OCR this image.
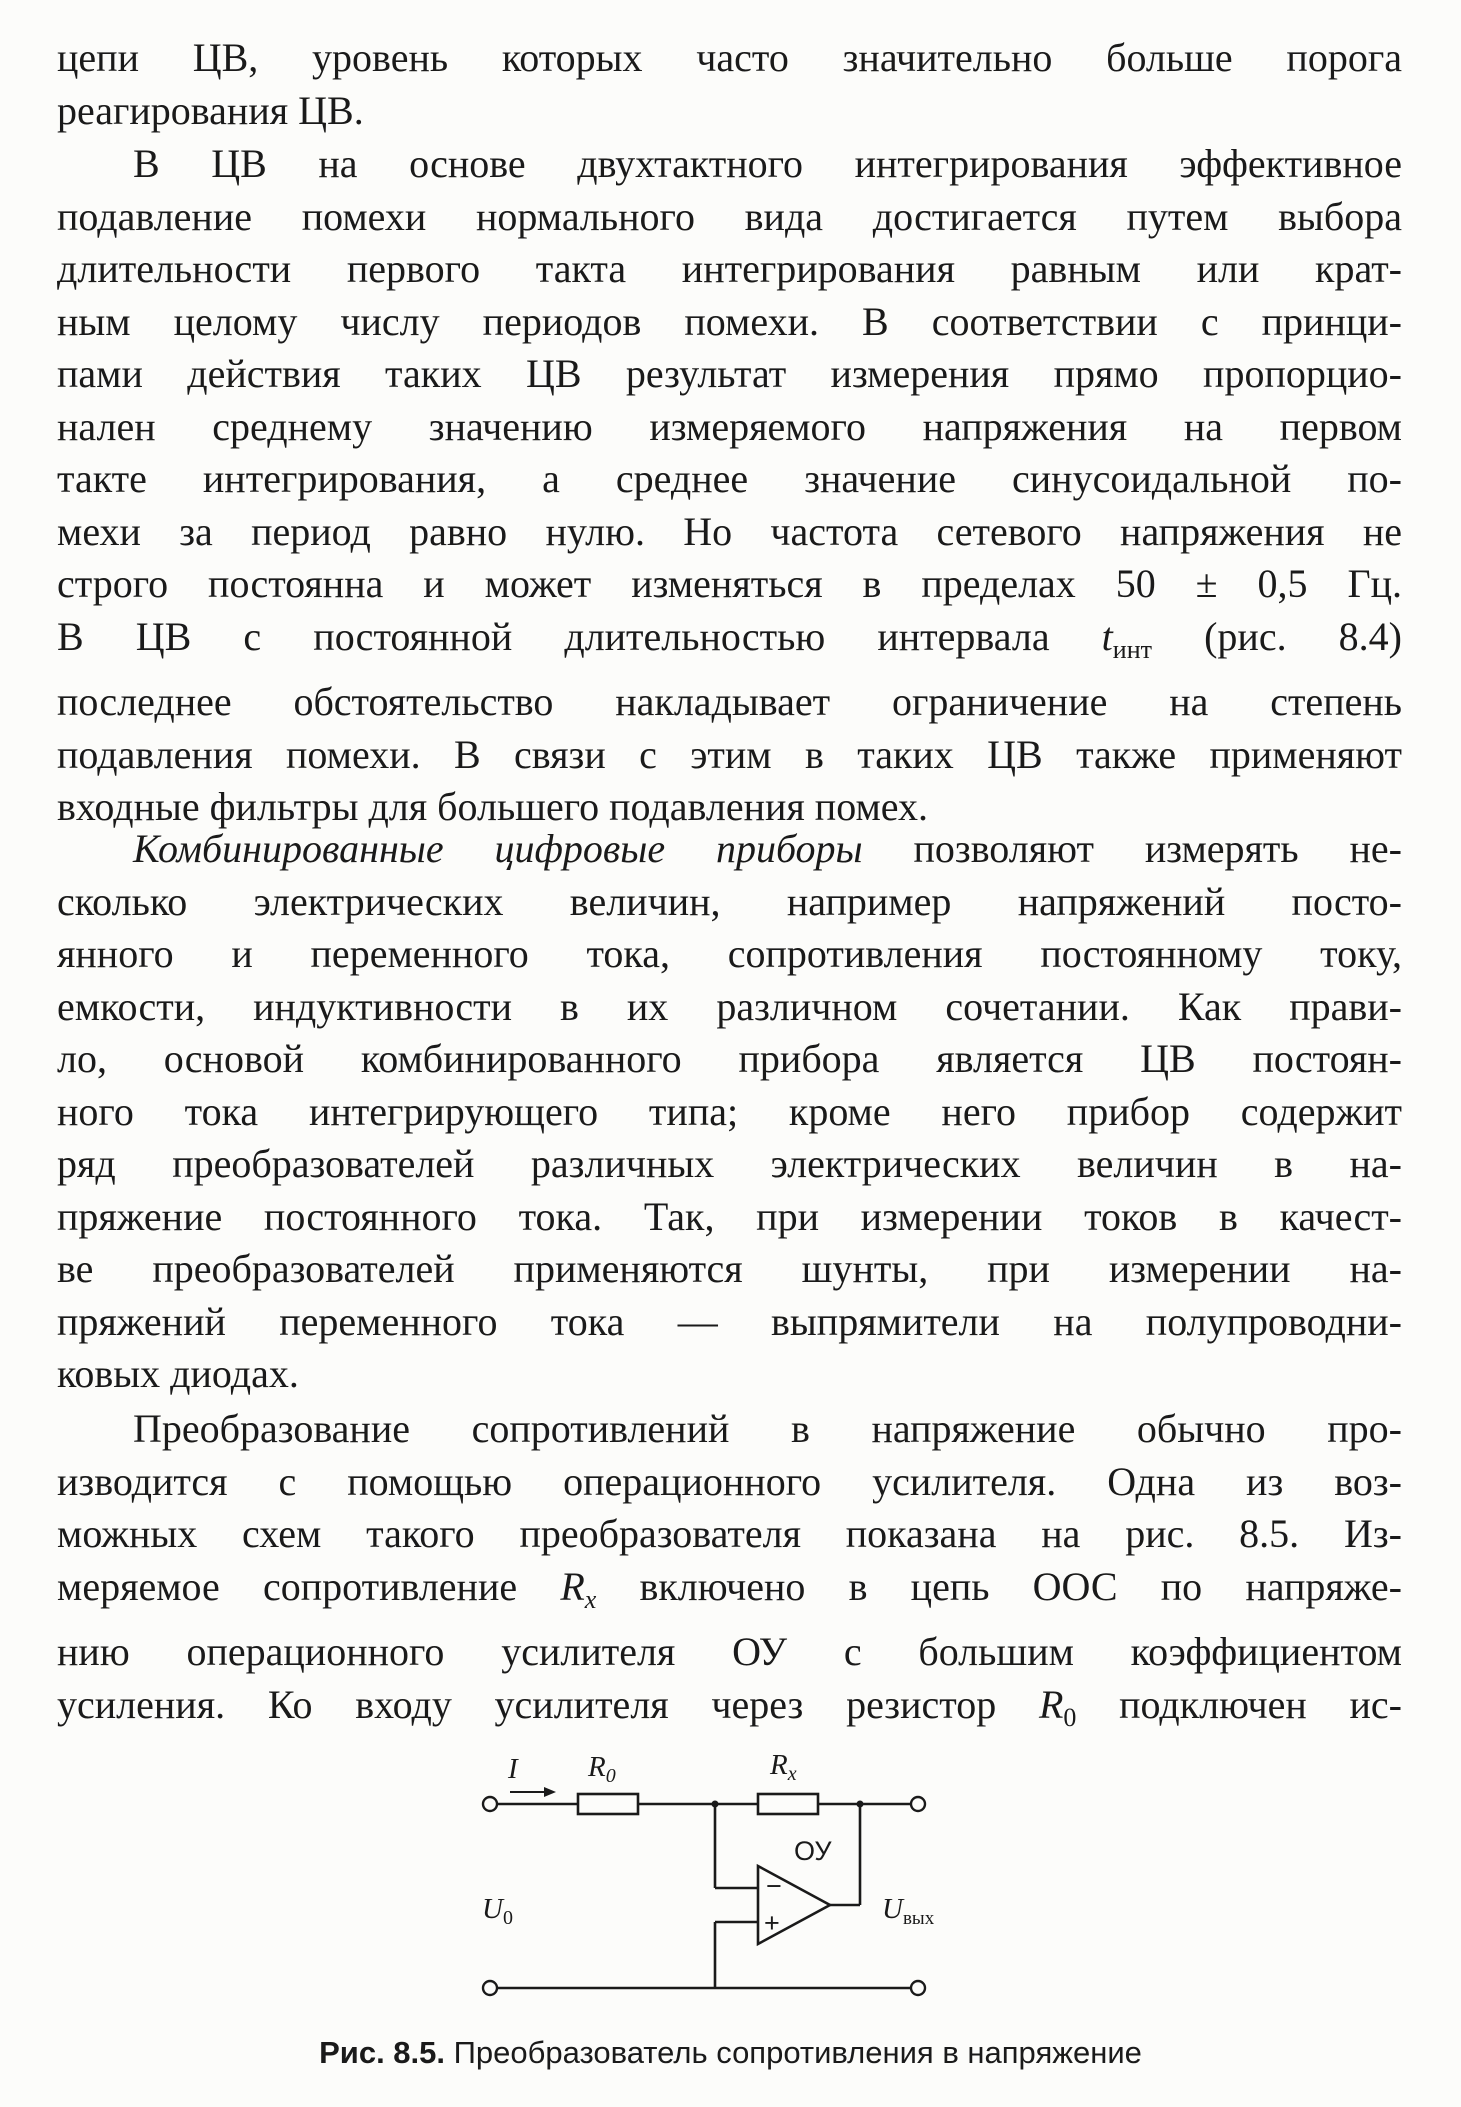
цепи ЦВ, уровень которых часто значительно больше порога
реагирования ЦВ.
В ЦВ на основе двухтактного интегрирования эффективное
подавление помехи нормального вида достигается путем выбора
длительности первого такта интегрирования равным или крат-
ным целому числу периодов помехи. В соответствии с принци-
пами действия таких ЦВ результат измерения прямо пропорцио-
нален среднему значению измеряемого напряжения на первом
такте интегрирования, а среднее значение синусоидальной по-
мехи за период равно нулю. Но частота сетевого напряжения не
строго постоянна и может изменяться в пределах 50 ± 0,5 Гц.
В ЦВ с постоянной длительностью интервала $t_{инт}$ (рис. 8.4)
последнее обстоятельство накладывает ограничение на степень
подавления помехи. В связи с этим в таких ЦВ также применяют
входные фильтры для большего подавления помех.
Комбинированные цифровые приборы позволяют измерять не-
сколько электрических величин, например напряжений посто-
янного и переменного тока, сопротивления постоянному току,
емкости, индуктивности в их различном сочетании. Как прави-
ло, основой комбинированного прибора является ЦВ постоян-
ного тока интегрирующего типа; кроме него прибор содержит
ряд преобразователей различных электрических величин в на-
пряжение постоянного тока. Так, при измерении токов в качест-
ве преобразователей применяются шунты, при измерении на-
пряжений переменного тока — выпрямители на полупроводни-
ковых диодах.
Преобразование сопротивлений в напряжение обычно про-
изводится с помощью операционного усилителя. Одна из воз-
можных схем такого преобразователя показана на рис. 8.5. Из-
меряемое сопротивление $R_x$ включено в цепь ООС по напряже-
нию операционного усилителя ОУ с большим коэффициентом
усиления. Ко входу усилителя через резистор $R_0$ подключен ис-
I $R_0$	$R_x$
ОУ
−
+
$U_0$	$U_{вых}$
Рис. 8.5. Преобразователь сопротивления в напряжение
